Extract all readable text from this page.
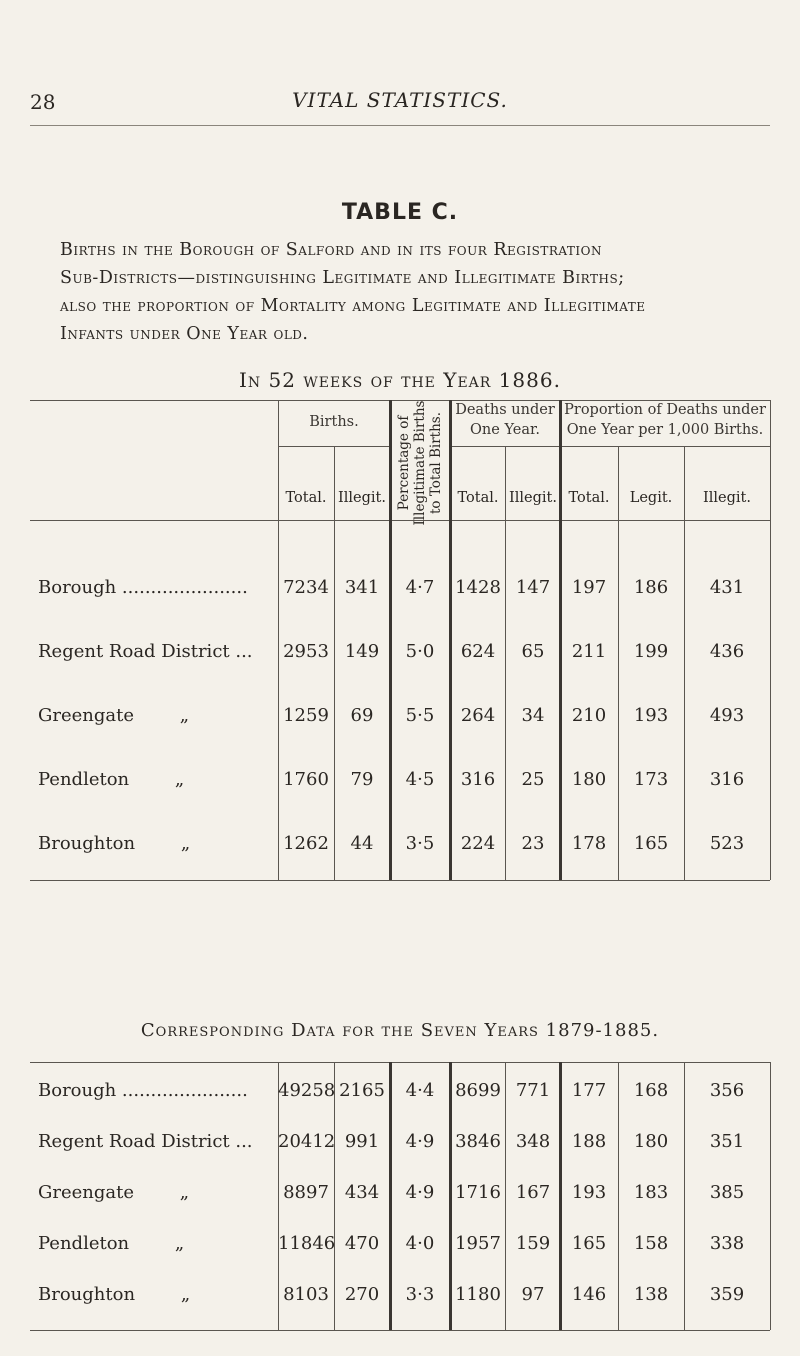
28	VITAL STATISTICS.
TABLE C.
Births in the Borough of Salford and in its four Registration
Sub-Districts—distinguishing Legitimate and Illegitimate Births;
also the proportion of Mortality among Legitimate and Illegitimate
Infants under One Year old.
In 52 weeks of the Year 1886.
Births.	Percentage of Illegitimate Births to Total Births.
Deaths under One Year.
Proportion of Deaths under One Year per 1,000 Births.
Total. Illegit.	Total. Illegit. Total.	Legit.	Illegit.
Borough ......................	7234 341	4·7	1428 147	197	186	431
Regent Road District ...	2953 149	5·0	624	65	211	199	436
Greengate        „	1259	69	5·5	264	34	210	193	493
Pendleton        „	1760	79	4·5	316	25	180	173	316
Broughton        „	1262	44	3·5	224	23	178	165	523
Corresponding Data for the Seven Years 1879-1885.
Borough ......................	49258 2165	4·4	8699 771	177	168	356
Regent Road District ...	20412 991	4·9	3846 348	188	180	351
Greengate        „	8897 434	4·9	1716 167	193	183	385
Pendleton        „	11846 470	4·0	1957 159	165	158	338
Broughton        „	8103 270	3·3	1180	97	146	138	359
